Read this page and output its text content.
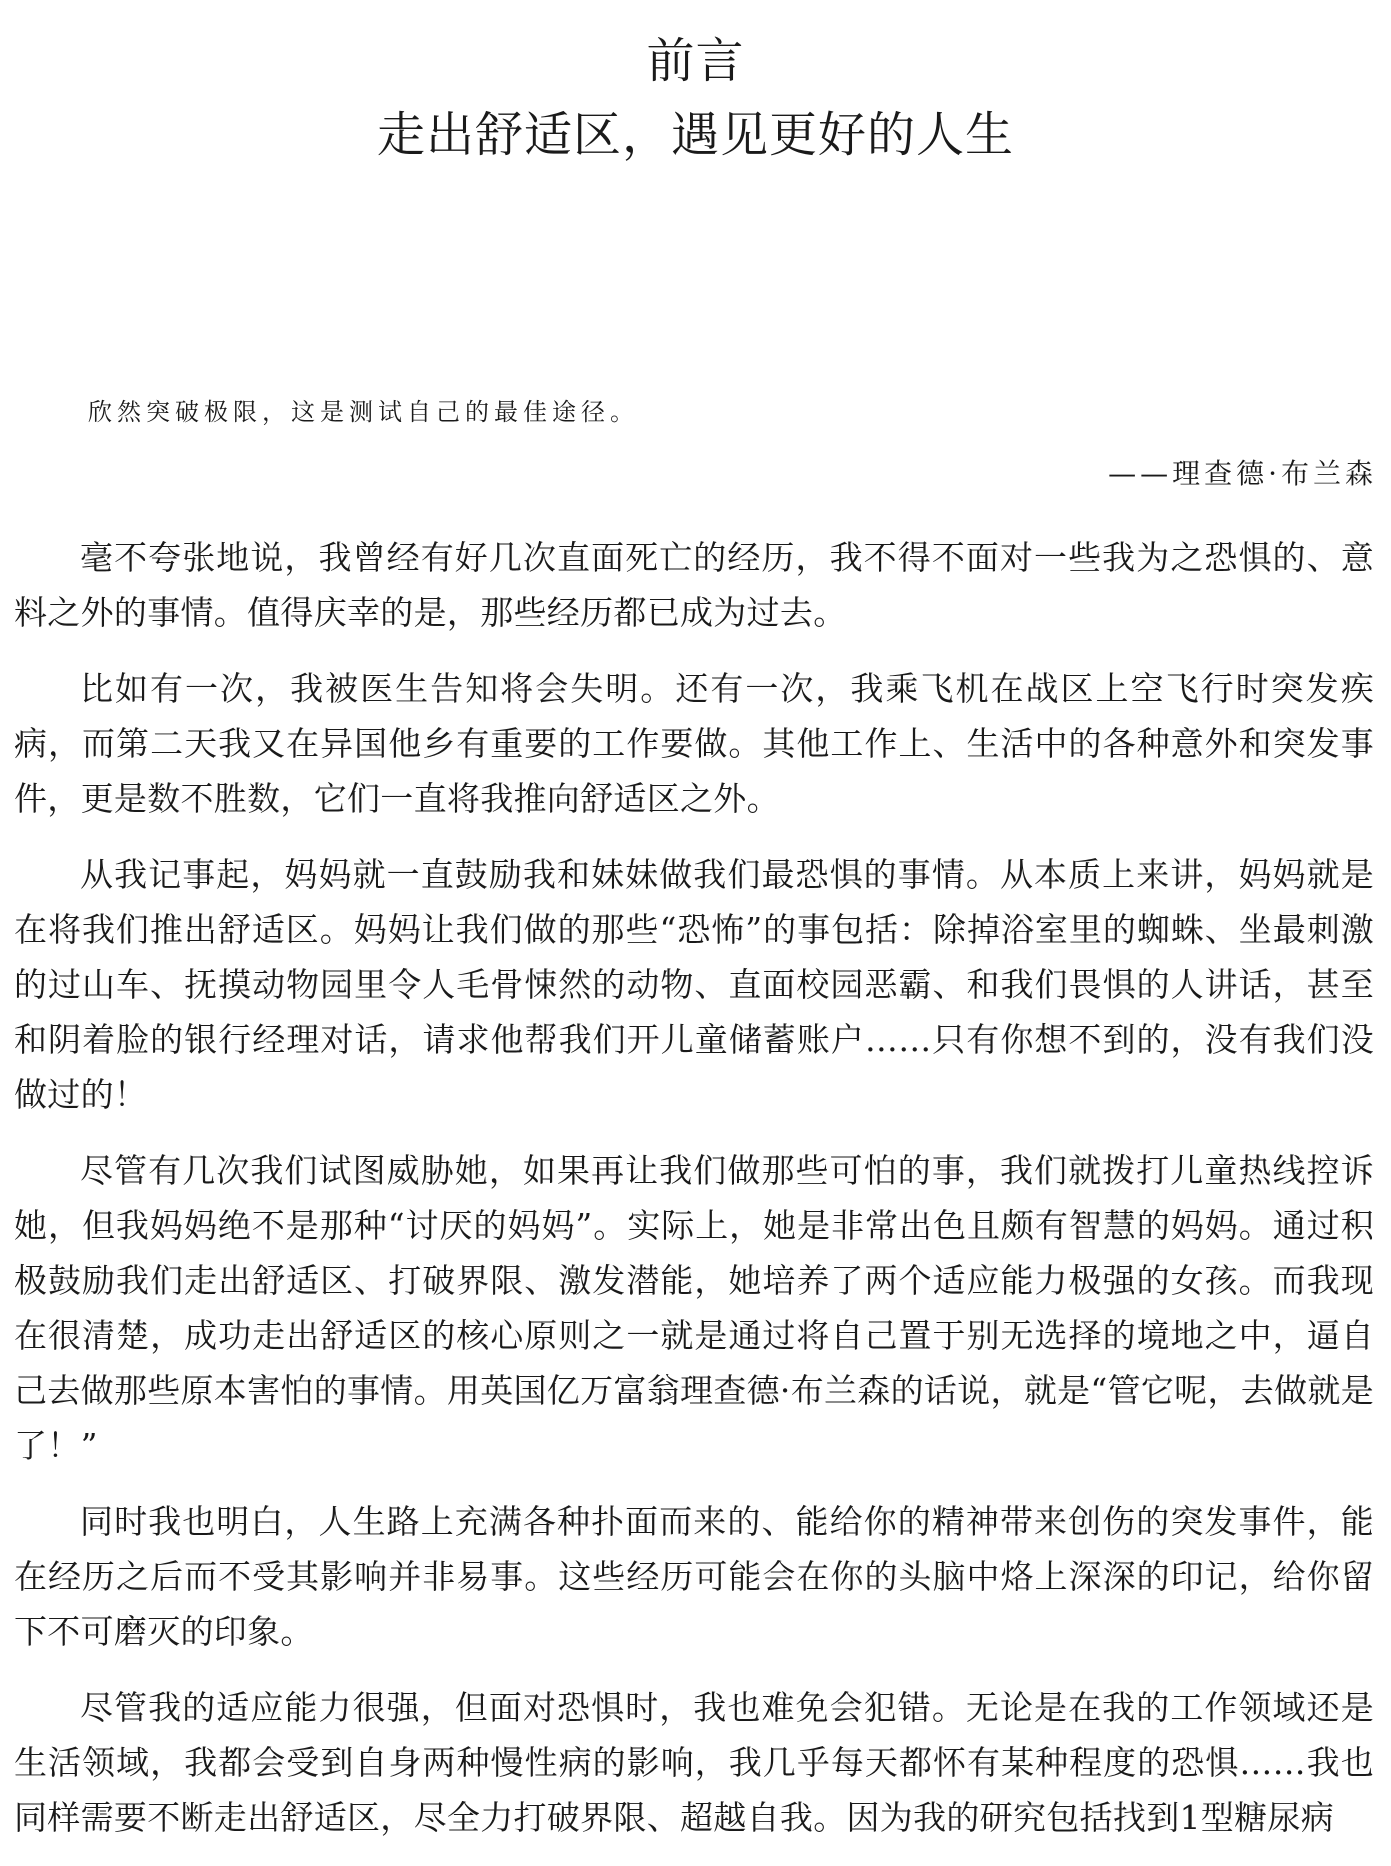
前言
走出舒适区，遇见更好的人生

欣然突破极限，这是测试自己的最佳途径。

——理查德·布兰森

毫不夸张地说，我曾经有好几次直面死亡的经历，我不得不面对一些我为之恐惧的、意料之外的事情。值得庆幸的是，那些经历都已成为过去。

比如有一次，我被医生告知将会失明。还有一次，我乘飞机在战区上空飞行时突发疾病，而第二天我又在异国他乡有重要的工作要做。其他工作上、生活中的各种意外和突发事件，更是数不胜数，它们一直将我推向舒适区之外。

从我记事起，妈妈就一直鼓励我和妹妹做我们最恐惧的事情。从本质上来讲，妈妈就是在将我们推出舒适区。妈妈让我们做的那些“恐怖”的事包括：除掉浴室里的蜘蛛、坐最刺激的过山车、抚摸动物园里令人毛骨悚然的动物、直面校园恶霸、和我们畏惧的人讲话，甚至和阴着脸的银行经理对话，请求他帮我们开儿童储蓄账户……只有你想不到的，没有我们没做过的！

尽管有几次我们试图威胁她，如果再让我们做那些可怕的事，我们就拨打儿童热线控诉她，但我妈妈绝不是那种“讨厌的妈妈”。实际上，她是非常出色且颇有智慧的妈妈。通过积极鼓励我们走出舒适区、打破界限、激发潜能，她培养了两个适应能力极强的女孩。而我现在很清楚，成功走出舒适区的核心原则之一就是通过将自己置于别无选择的境地之中，逼自己去做那些原本害怕的事情。用英国亿万富翁理查德·布兰森的话说，就是“管它呢，去做就是了！”

同时我也明白，人生路上充满各种扑面而来的、能给你的精神带来创伤的突发事件，能在经历之后而不受其影响并非易事。这些经历可能会在你的头脑中烙上深深的印记，给你留下不可磨灭的印象。

尽管我的适应能力很强，但面对恐惧时，我也难免会犯错。无论是在我的工作领域还是生活领域，我都会受到自身两种慢性病的影响，我几乎每天都怀有某种程度的恐惧……我也同样需要不断走出舒适区，尽全力打破界限、超越自我。因为我的研究包括找到1型糖尿病
